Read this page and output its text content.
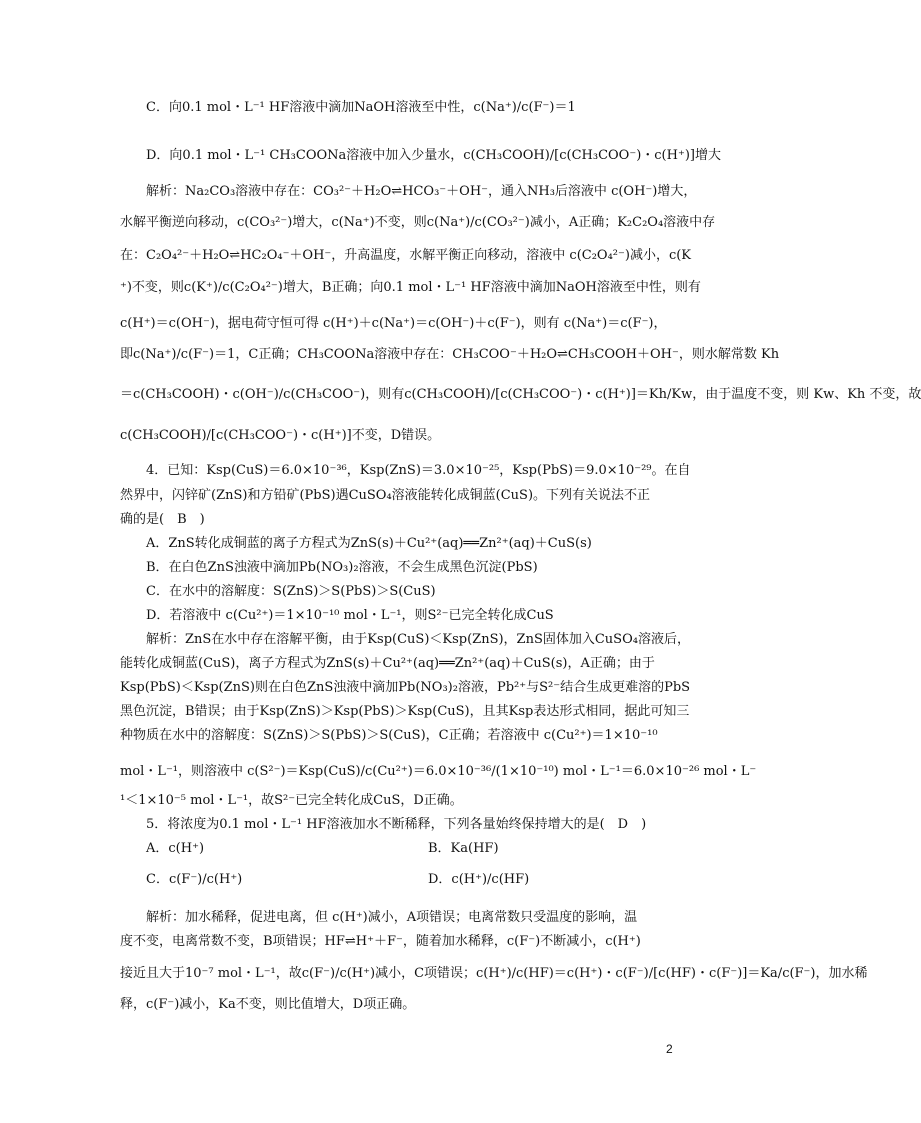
C．向0.1 mol・L⁻¹ HF溶液中滴加NaOH溶液至中性，c(Na⁺)/c(F⁻)＝1
D．向0.1 mol・L⁻¹ CH₃COONa溶液中加入少量水，c(CH₃COOH)/[c(CH₃COO⁻)・c(H⁺)]增大
解析：Na₂CO₃溶液中存在：CO₃²⁻＋H₂O⇌HCO₃⁻＋OH⁻，通入NH₃后溶液中 c(OH⁻)增大，
水解平衡逆向移动，c(CO₃²⁻)增大，c(Na⁺)不变，则c(Na⁺)/c(CO₃²⁻)减小，A正确；K₂C₂O₄溶液中存
在：C₂O₄²⁻＋H₂O⇌HC₂O₄⁻＋OH⁻，升高温度，水解平衡正向移动，溶液中 c(C₂O₄²⁻)减小，c(K
⁺)不变，则c(K⁺)/c(C₂O₄²⁻)增大，B正确；向0.1 mol・L⁻¹ HF溶液中滴加NaOH溶液至中性，则有
c(H⁺)＝c(OH⁻)，据电荷守恒可得 c(H⁺)＋c(Na⁺)＝c(OH⁻)＋c(F⁻)，则有 c(Na⁺)＝c(F⁻)，
即c(Na⁺)/c(F⁻)＝1，C正确；CH₃COONa溶液中存在：CH₃COO⁻＋H₂O⇌CH₃COOH＋OH⁻，则水解常数 Kh
＝c(CH₃COOH)・c(OH⁻)/c(CH₃COO⁻)，则有c(CH₃COOH)/[c(CH₃COO⁻)・c(H⁺)]＝Kh/Kw，由于温度不变，则 Kw、Kh 不变，故
c(CH₃COOH)/[c(CH₃COO⁻)・c(H⁺)]不变，D错误。
4．已知：Ksp(CuS)＝6.0×10⁻³⁶，Ksp(ZnS)＝3.0×10⁻²⁵，Ksp(PbS)＝9.0×10⁻²⁹。在自
然界中，闪锌矿(ZnS)和方铅矿(PbS)遇CuSO₄溶液能转化成铜蓝(CuS)。下列有关说法不正
确的是(　B　)
A．ZnS转化成铜蓝的离子方程式为ZnS(s)＋Cu²⁺(aq)══Zn²⁺(aq)＋CuS(s)
B．在白色ZnS浊液中滴加Pb(NO₃)₂溶液，不会生成黑色沉淀(PbS)
C．在水中的溶解度：S(ZnS)＞S(PbS)＞S(CuS)
D．若溶液中 c(Cu²⁺)＝1×10⁻¹⁰ mol・L⁻¹，则S²⁻已完全转化成CuS
解析：ZnS在水中存在溶解平衡，由于Ksp(CuS)＜Ksp(ZnS)，ZnS固体加入CuSO₄溶液后，
能转化成铜蓝(CuS)，离子方程式为ZnS(s)＋Cu²⁺(aq)══Zn²⁺(aq)＋CuS(s)，A正确；由于
Ksp(PbS)＜Ksp(ZnS)则在白色ZnS浊液中滴加Pb(NO₃)₂溶液，Pb²⁺与S²⁻结合生成更难溶的PbS
黑色沉淀，B错误；由于Ksp(ZnS)＞Ksp(PbS)＞Ksp(CuS)，且其Ksp表达形式相同，据此可知三
种物质在水中的溶解度：S(ZnS)＞S(PbS)＞S(CuS)，C正确；若溶液中 c(Cu²⁺)＝1×10⁻¹⁰
mol・L⁻¹，则溶液中 c(S²⁻)＝Ksp(CuS)/c(Cu²⁺)＝6.0×10⁻³⁶/(1×10⁻¹⁰) mol・L⁻¹＝6.0×10⁻²⁶ mol・L⁻
¹＜1×10⁻⁵ mol・L⁻¹，故S²⁻已完全转化成CuS，D正确。
5．将浓度为0.1 mol・L⁻¹ HF溶液加水不断稀释，下列各量始终保持增大的是(　D　)
A．c(H⁺)	B．Ka(HF)
C．c(F⁻)/c(H⁺)	D．c(H⁺)/c(HF)
解析：加水稀释，促进电离，但 c(H⁺)减小，A项错误；电离常数只受温度的影响，温
度不变，电离常数不变，B项错误；HF⇌H⁺＋F⁻，随着加水稀释，c(F⁻)不断减小，c(H⁺)
接近且大于10⁻⁷ mol・L⁻¹，故c(F⁻)/c(H⁺)减小，C项错误；c(H⁺)/c(HF)＝c(H⁺)・c(F⁻)/[c(HF)・c(F⁻)]＝Ka/c(F⁻)，加水稀
释，c(F⁻)减小，Ka不变，则比值增大，D项正确。
2
